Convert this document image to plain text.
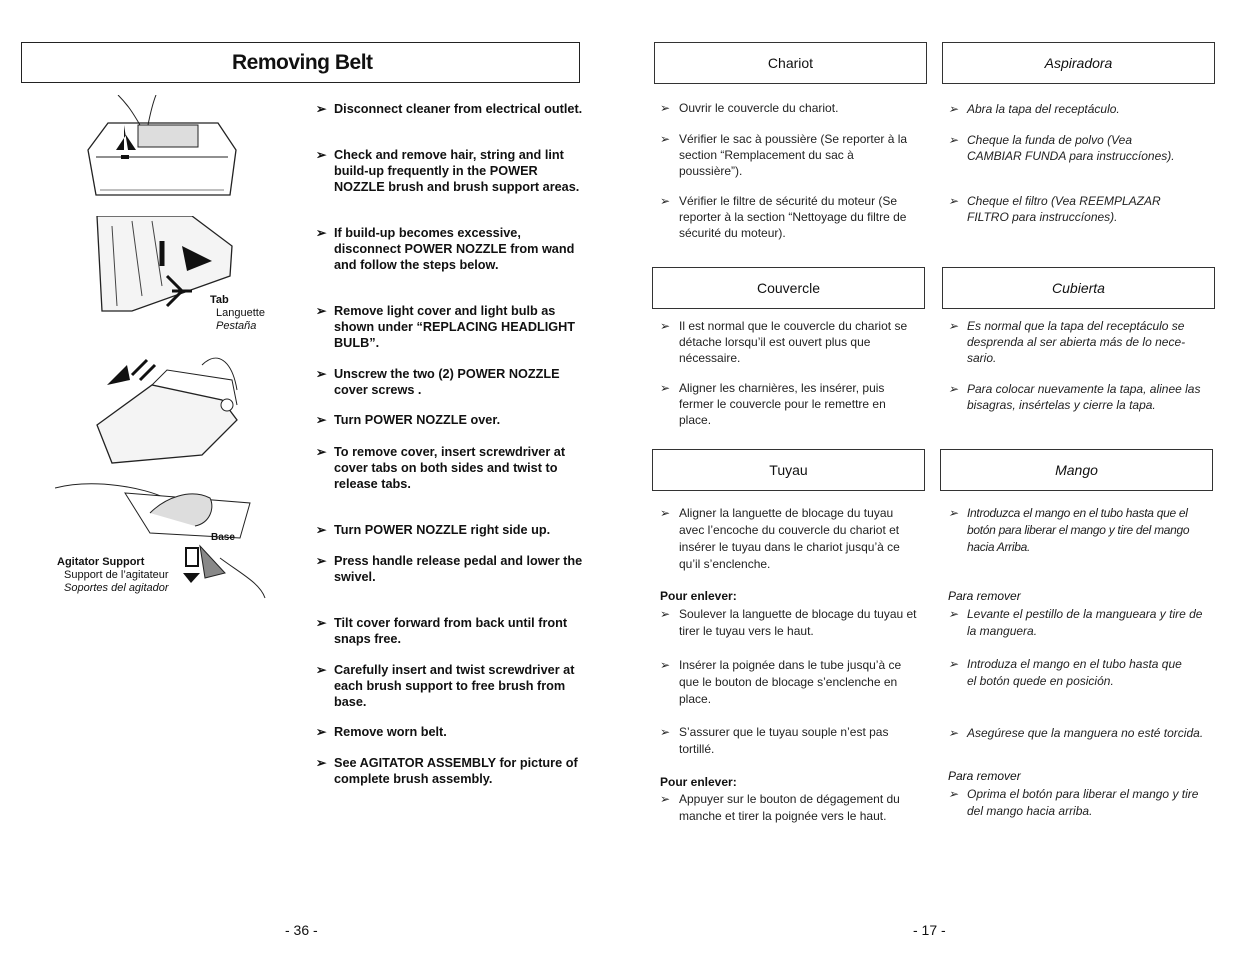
Removing Belt
Tab
Languette
Pestaña
Base
Agitator Support
Support de l’agitateur
Soportes del agitador
➢ Disconnect cleaner from electrical outlet.
➢ Check and remove hair, string and lint build-up frequently in the POWER NOZZLE brush and brush support areas.
➢ If build-up becomes excessive, disconnect POWER NOZZLE from wand and follow the steps below.
➢ Remove light cover and light bulb as shown under “REPLACING HEADLIGHT BULB”.
➢ Unscrew the two (2) POWER NOZZLE cover screws .
➢ Turn POWER NOZZLE over.
➢ To remove cover, insert screwdriver at cover tabs on both sides and twist to release tabs.
➢ Turn POWER NOZZLE right side up.
➢ Press handle release pedal and lower the swivel.
➢ Tilt cover forward from back until front snaps free.
➢ Carefully insert and twist screwdriver at each brush support to free brush from base.
➢ Remove worn belt.
➢ See AGITATOR ASSEMBLY for picture of complete brush assembly.
- 36 -
Chariot
➢ Ouvrir le couvercle du chariot.
➢ Vérifier le sac à poussière (Se reporter à la section “Remplacement du sac à poussière”).
➢ Vérifier le filtre de sécurité du moteur (Se reporter à la section “Nettoyage du filtre de sécurité du moteur).
Couvercle
➢ Il est normal que le couvercle du chariot se détache lorsqu’il est ouvert plus que nécessaire.
➢ Aligner les charnières, les insérer, puis fermer le couvercle pour le remettre en place.
Tuyau
➢ Aligner la languette de blocage du tuyau avec l’encoche du couvercle du chariot et insérer le tuyau dans le chariot jusqu’à ce qu’il s’enclenche.
Pour enlever:
➢ Soulever la languette de blocage du tuyau et tirer le tuyau vers le haut.
➢ Insérer la poignée dans le tube jusqu’à ce que le bouton de blocage s’enclenche en place.
➢ S’assurer que le tuyau souple n’est pas tortillé.
Pour enlever:
➢ Appuyer sur le bouton de dégagement du manche et tirer la poignée vers le haut.
Aspiradora
➢ Abra la tapa del receptáculo.
➢ Cheque la funda de polvo (Vea CAMBIAR FUNDA para instruccíones).
➢ Cheque el filtro (Vea REEMPLAZAR FILTRO para instruccíones).
Cubierta
➢ Es normal que la tapa del receptáculo se desprenda al ser abierta más de lo nece-sario.
➢ Para colocar nuevamente la tapa, alinee las bisagras, insértelas y cierre la tapa.
Mango
➢ Introduzca el mango en el tubo hasta que el botón para liberar el mango y tire del mango hacia Arriba.
Para remover
➢ Levante el pestillo de la mangueara y tire de la manguera.
➢ Introduza el mango en el tubo hasta que el botón quede en posición.
➢ Asegúrese que la manguera no esté torcida.
Para remover
➢ Oprima el botón para liberar el mango y tire del mango hacia arriba.
- 17 -
